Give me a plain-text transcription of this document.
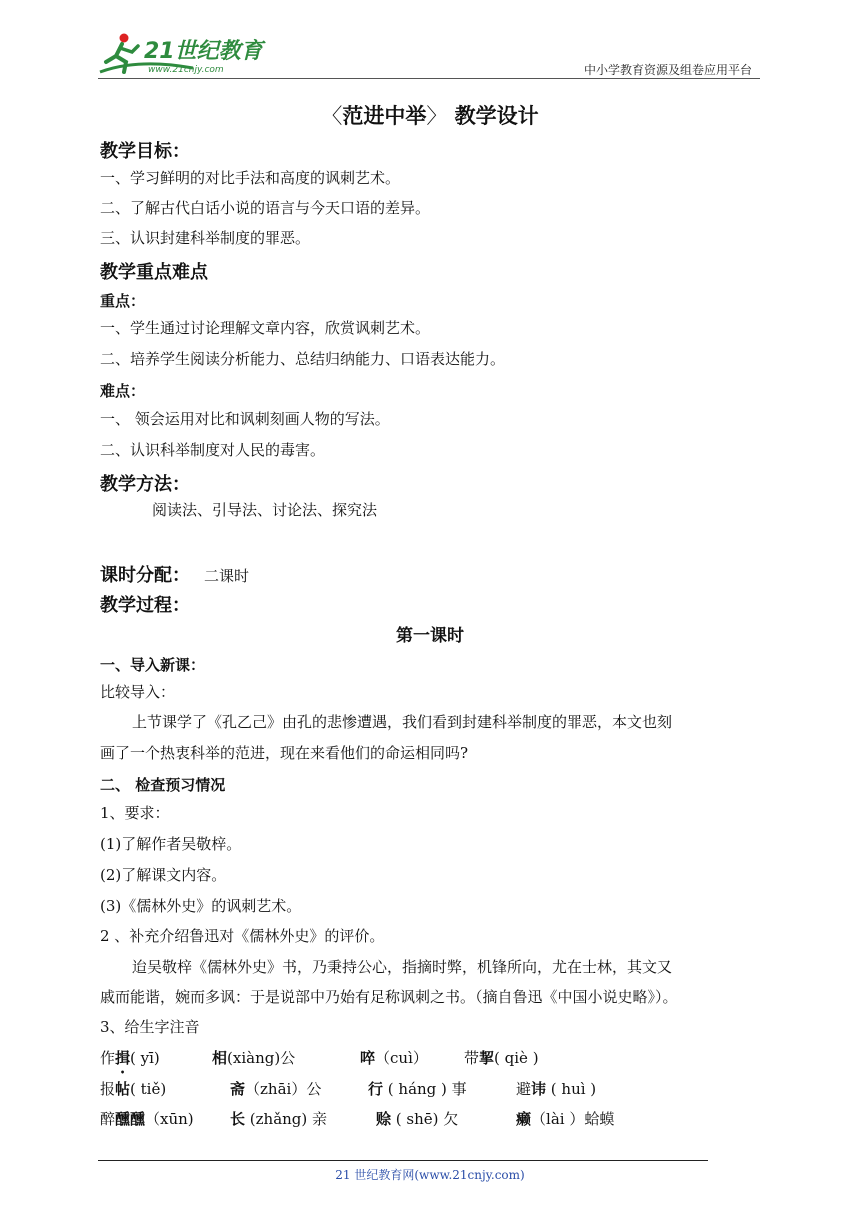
21世纪教育
www.21cnjy.com	中小学教育资源及组卷应用平台
〈范进中举〉 教学设计
教学目标：
一、学习鲜明的对比手法和高度的讽刺艺术。
二、了解古代白话小说的语言与今天口语的差异。
三、认识封建科举制度的罪恶。
教学重点难点
重点：
一、学生通过讨论理解文章内容，欣赏讽刺艺术。
二、培养学生阅读分析能力、总结归纳能力、口语表达能力。
难点：
一、 领会运用对比和讽刺刻画人物的写法。
二、认识科举制度对人民的毒害。
教学方法：
阅读法、引导法、讨论法、探究法
课时分配： 二课时
教学过程：
第一课时
一、导入新课：
比较导入：
上节课学了《孔乙己》由孔的悲惨遭遇，我们看到封建科举制度的罪恶，本文也刻
画了一个热衷科举的范进，现在来看他们的命运相同吗?
二、 检查预习情况
1、要求：
(1)了解作者吴敬梓。
(2)了解课文内容。
(3)《儒林外史》的讽刺艺术。
2 、补充介绍鲁迅对《儒林外史》的评价。
迨吴敬梓《儒林外史》书，乃秉持公心，指摘时弊，机锋所向，尤在士林，其文又
戚而能谐，婉而多讽：于是说部中乃始有足称讽刺之书。（摘自鲁迅《中国小说史略》）。
3、给生字注音
作揖( yī)	相(xiàng)公	啐（cuì） 带挈( qiè )
报帖( tiě)	斋（zhāi）公	行 ( háng ) 事	避讳 ( huì )
醉醺醺（xūn) 长 (zhǎng) 亲	赊 ( shē) 欠	癞（lài ）蛤蟆
21 世纪教育网(www.21cnjy.com)
